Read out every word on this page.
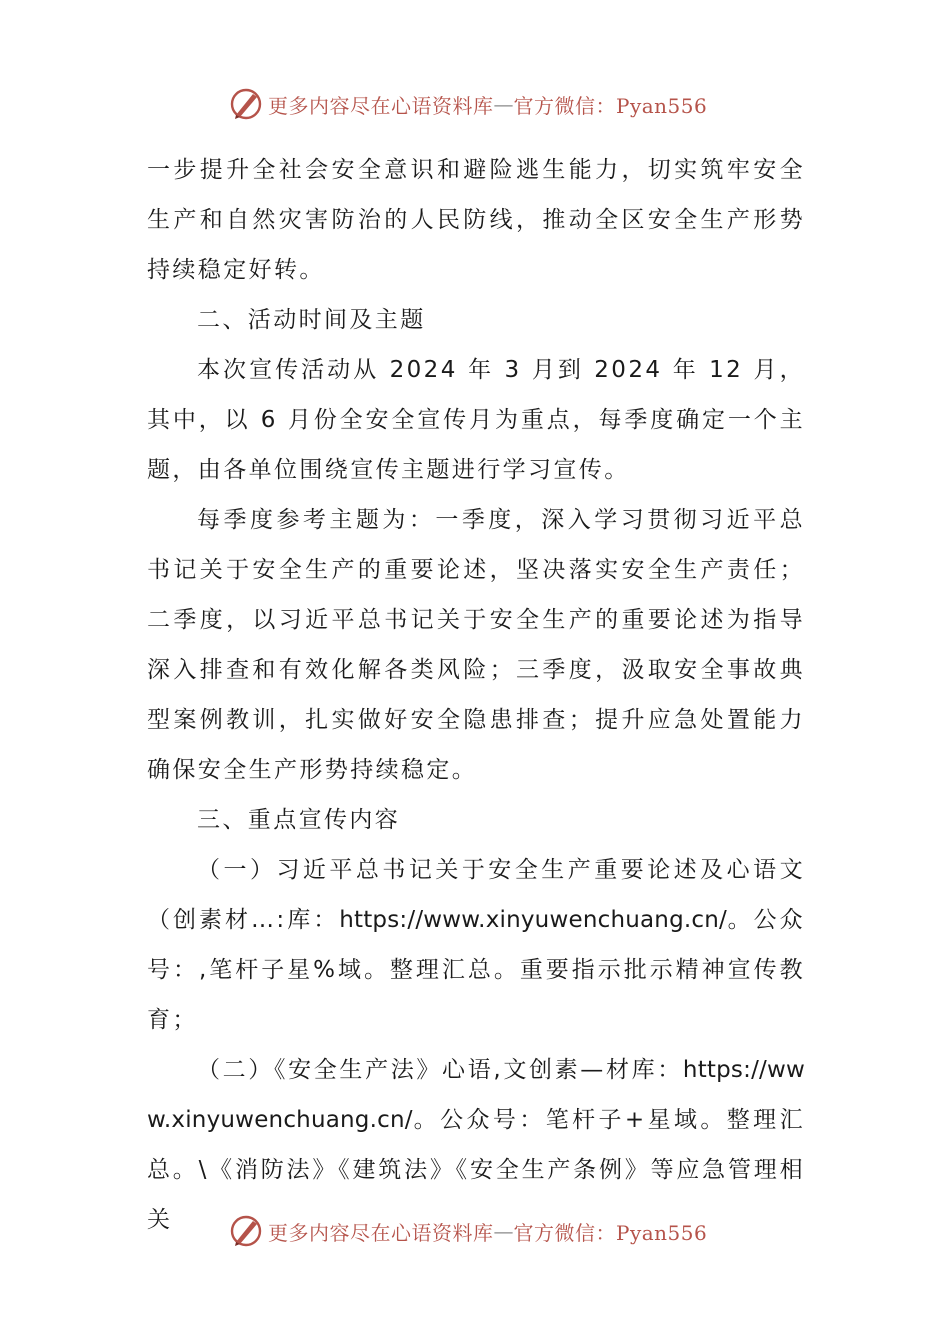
更多内容尽在心语资料库 — 官方微信：Pyan556

一步提升全社会安全意识和避险逃生能力，切实筑牢安全生产和自然灾害防治的人民防线，推动全区安全生产形势持续稳定好转。

二、活动时间及主题

本次宣传活动从 2024 年 3 月到 2024 年 12 月，其中，以 6 月份全安全宣传月为重点，每季度确定一个主题，由各单位围绕宣传主题进行学习宣传。

每季度参考主题为：一季度，深入学习贯彻习近平总书记关于安全生产的重要论述，坚决落实安全生产责任；二季度，以习近平总书记关于安全生产的重要论述为指导深入排查和有效化解各类风险；三季度，汲取安全事故典型案例教训，扎实做好安全隐患排查；提升应急处置能力确保安全生产形势持续稳定。

三、重点宣传内容

（一）习近平总书记关于安全生产重要论述及心语文（创素材…:库：https://www.xinyuwenchuang.cn/。公众号：,笔杆子星%域。整理汇总。重要指示批示精神宣传教育；

（二）《安全生产法》心语,文创素—材库：https://www.xinyuwenchuang.cn/。公众号：笔杆子+星域。整理汇总。\《消防法》《建筑法》《安全生产条例》等应急管理相关	更多内容尽在心语资料库 — 官方微信：Pyan556
